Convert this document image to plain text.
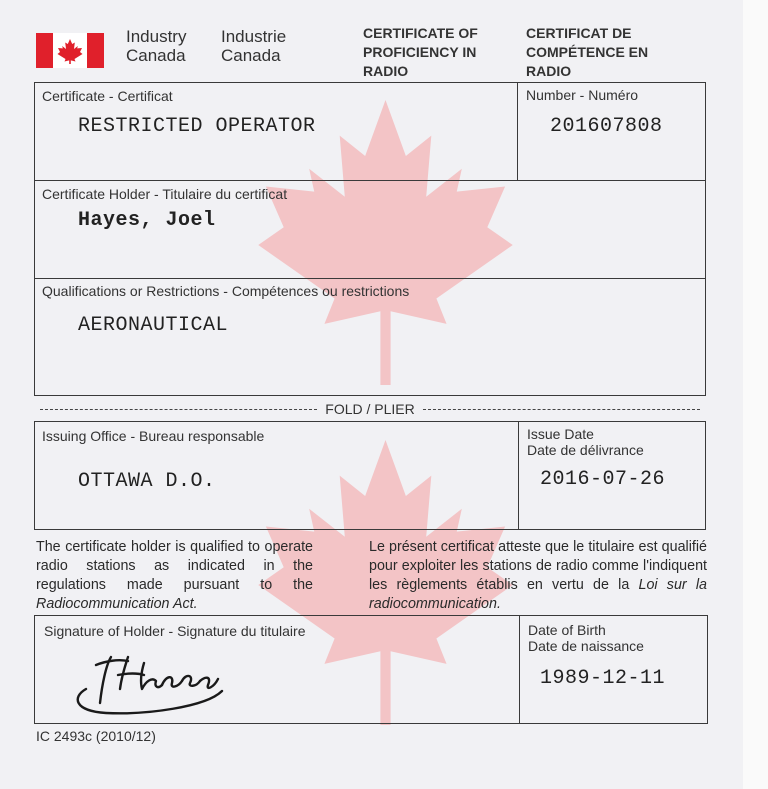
Industry
Canada
Industrie
Canada
CERTIFICATE OF
PROFICIENCY IN
RADIO
CERTIFICAT DE
COMPÉTENCE EN
RADIO
Certificate - Certificat
RESTRICTED OPERATOR
Number - Numéro
201607808
Certificate Holder - Titulaire du certificat
Hayes, Joel
Qualifications or Restrictions - Compétences ou restrictions
AERONAUTICAL
FOLD / PLIER
Issuing Office - Bureau responsable
OTTAWA D.O.
Issue Date
Date de délivrance
2016-07-26
The certificate holder is qualified to operate radio stations as indicated in the regulations made pursuant to the Radiocommunication Act.
Le présent certificat atteste que le titulaire est qualifié pour exploiter les stations de radio comme l'indiquent les règlements établis en vertu de la Loi sur la radiocommunication.
Signature of Holder - Signature du titulaire	Date of Birth
Date de naissance
1989-12-11
IC 2493c (2010/12)
